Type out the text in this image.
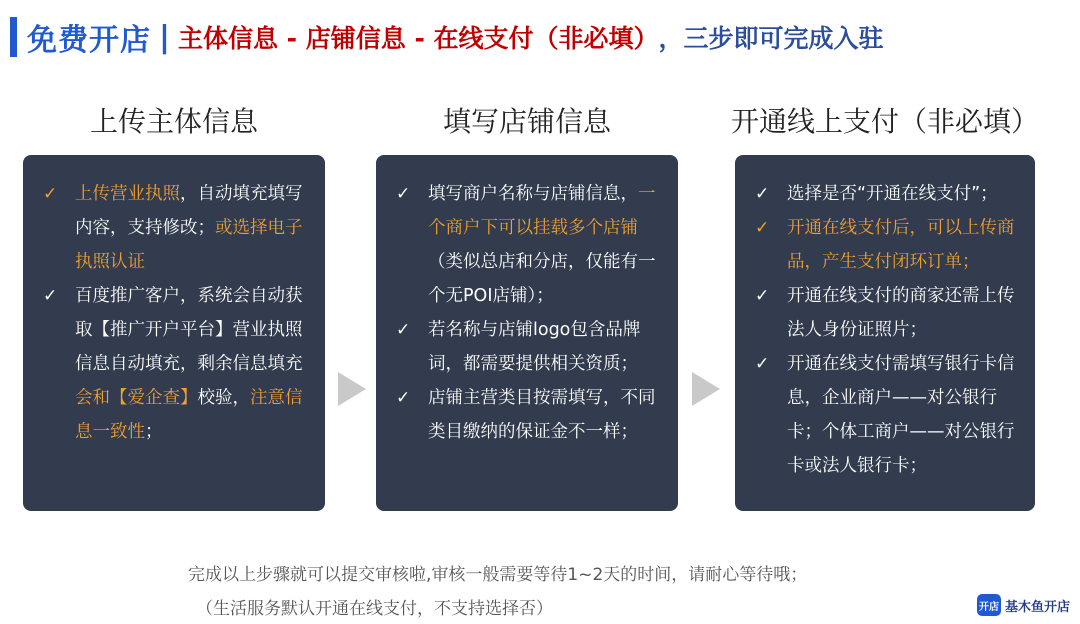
免费开店 | 主体信息 - 店铺信息 - 在线支付（非必填） ，三步即可完成入驻
上传主体信息	填写店铺信息	开通线上支付（非必填）
✓	上传营业执照，自动填充填写内容，支持修改；或选择电子执照认证
✓	百度推广客户，系统会自动获取【推广开户平台】营业执照信息自动填充，剩余信息填充会和【爱企查】校验，注意信息一致性；
✓	填写商户名称与店铺信息，一个商户下可以挂载多个店铺（类似总店和分店，仅能有一个无POI店铺）；
✓	若名称与店铺logo包含品牌词，都需要提供相关资质；
✓	店铺主营类目按需填写，不同类目缴纳的保证金不一样；
✓	选择是否“开通在线支付”；
✓	开通在线支付后，可以上传商品，产生支付闭环订单；
✓	开通在线支付的商家还需上传法人身份证照片；
✓	开通在线支付需填写银行卡信息，企业商户——对公银行卡；个体工商户——对公银行卡或法人银行卡；
完成以上步骤就可以提交审核啦,审核一般需要等待1~2天的时间，请耐心等待哦；
（生活服务默认开通在线支付，不支持选择否）	开店 基木鱼开店
